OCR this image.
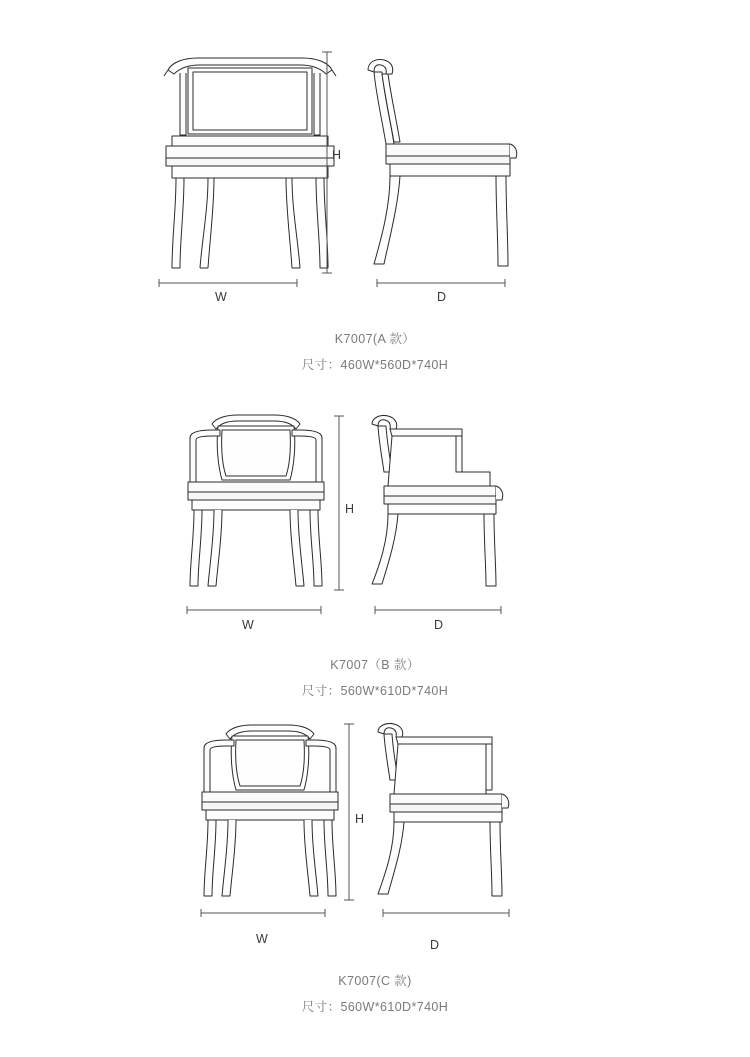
H
W	D
K7007(A 款）
尺寸：460W*560D*740H
H
W	D
K7007（B 款）
尺寸：560W*610D*740H
H
W	D
K7007(C 款)
尺寸：560W*610D*740H
